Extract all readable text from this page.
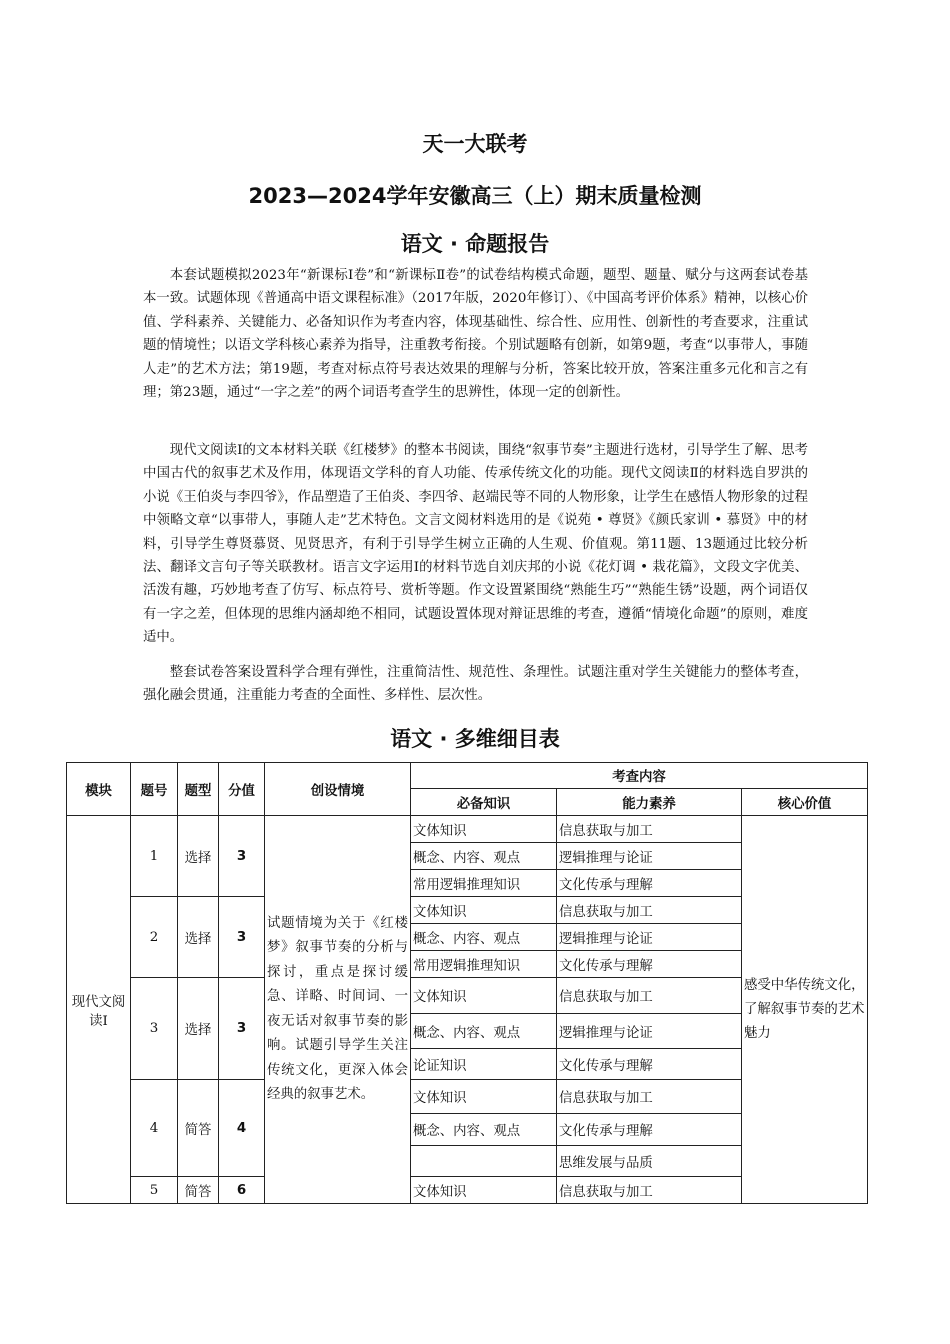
天一大联考
2023—2024学年安徽高三（上）期末质量检测
语文 · 命题报告

本套试题模拟2023年“新课标Ⅰ卷”和“新课标Ⅱ卷”的试卷结构模式命题，题型、题量、赋分与这两套试卷基本一致。试题体现《普通高中语文课程标准》（2017年版，2020年修订）、《中国高考评价体系》精神，以核心价值、学科素养、关键能力、必备知识作为考查内容，体现基础性、综合性、应用性、创新性的考查要求，注重试题的情境性；以语文学科核心素养为指导，注重教考衔接。个别试题略有创新，如第9题，考查“以事带人，事随人走”的艺术方法；第19题，考查对标点符号表达效果的理解与分析，答案比较开放，答案注重多元化和言之有理；第23题，通过“一字之差”的两个词语考查学生的思辨性，体现一定的创新性。

现代文阅读Ⅰ的文本材料关联《红楼梦》的整本书阅读，围绕“叙事节奏”主题进行选材，引导学生了解、思考中国古代的叙事艺术及作用，体现语文学科的育人功能、传承传统文化的功能。现代文阅读Ⅱ的材料选自罗洪的小说《王伯炎与李四爷》，作品塑造了王伯炎、李四爷、赵端民等不同的人物形象，让学生在感悟人物形象的过程中领略文章“以事带人，事随人走”艺术特色。文言文阅材料选用的是《说苑 • 尊贤》《颜氏家训 • 慕贤》中的材料，引导学生尊贤慕贤、见贤思齐，有利于引导学生树立正确的人生观、价值观。第11题、13题通过比较分析法、翻译文言句子等关联教材。语言文字运用Ⅰ的材料节选自刘庆邦的小说《花灯调 • 栽花篇》，文段文字优美、活泼有趣，巧妙地考查了仿写、标点符号、赏析等题。作文设置紧围绕“熟能生巧”“熟能生锈”设题，两个词语仅有一字之差，但体现的思维内涵却绝不相同，试题设置体现对辩证思维的考查，遵循“情境化命题”的原则，难度适中。

整套试卷答案设置科学合理有弹性，注重简洁性、规范性、条理性。试题注重对学生关键能力的整体考查，强化融会贯通，注重能力考查的全面性、多样性、层次性。

语文 · 多维细目表
模块	题号	题型	分值	创设情境	考查内容		
					必备知识	能力素养	核心价值
现代文阅读Ⅰ	1	选择	3	试题情境为关于《红楼梦》叙事节奏的分析与探讨，重点是探讨缓急、详略、时间词、一夜无话对叙事节奏的影响。试题引导学生关注传统文化，更深入体会经典的叙事艺术。	文体知识	信息获取与加工	感受中华传统文化，了解叙事节奏的艺术魅力
					概念、内容、观点	逻辑推理与论证	
					常用逻辑推理知识	文化传承与理解	
	2	选择	3		文体知识	信息获取与加工	
					概念、内容、观点	逻辑推理与论证	
					常用逻辑推理知识	文化传承与理解	
	3	选择	3		文体知识	信息获取与加工	
					概念、内容、观点	逻辑推理与论证	
					论证知识	文化传承与理解	
	4	简答	4		文体知识	信息获取与加工	
					概念、内容、观点	文化传承与理解	
						思维发展与品质	
	5	简答	6		文体知识	信息获取与加工	
